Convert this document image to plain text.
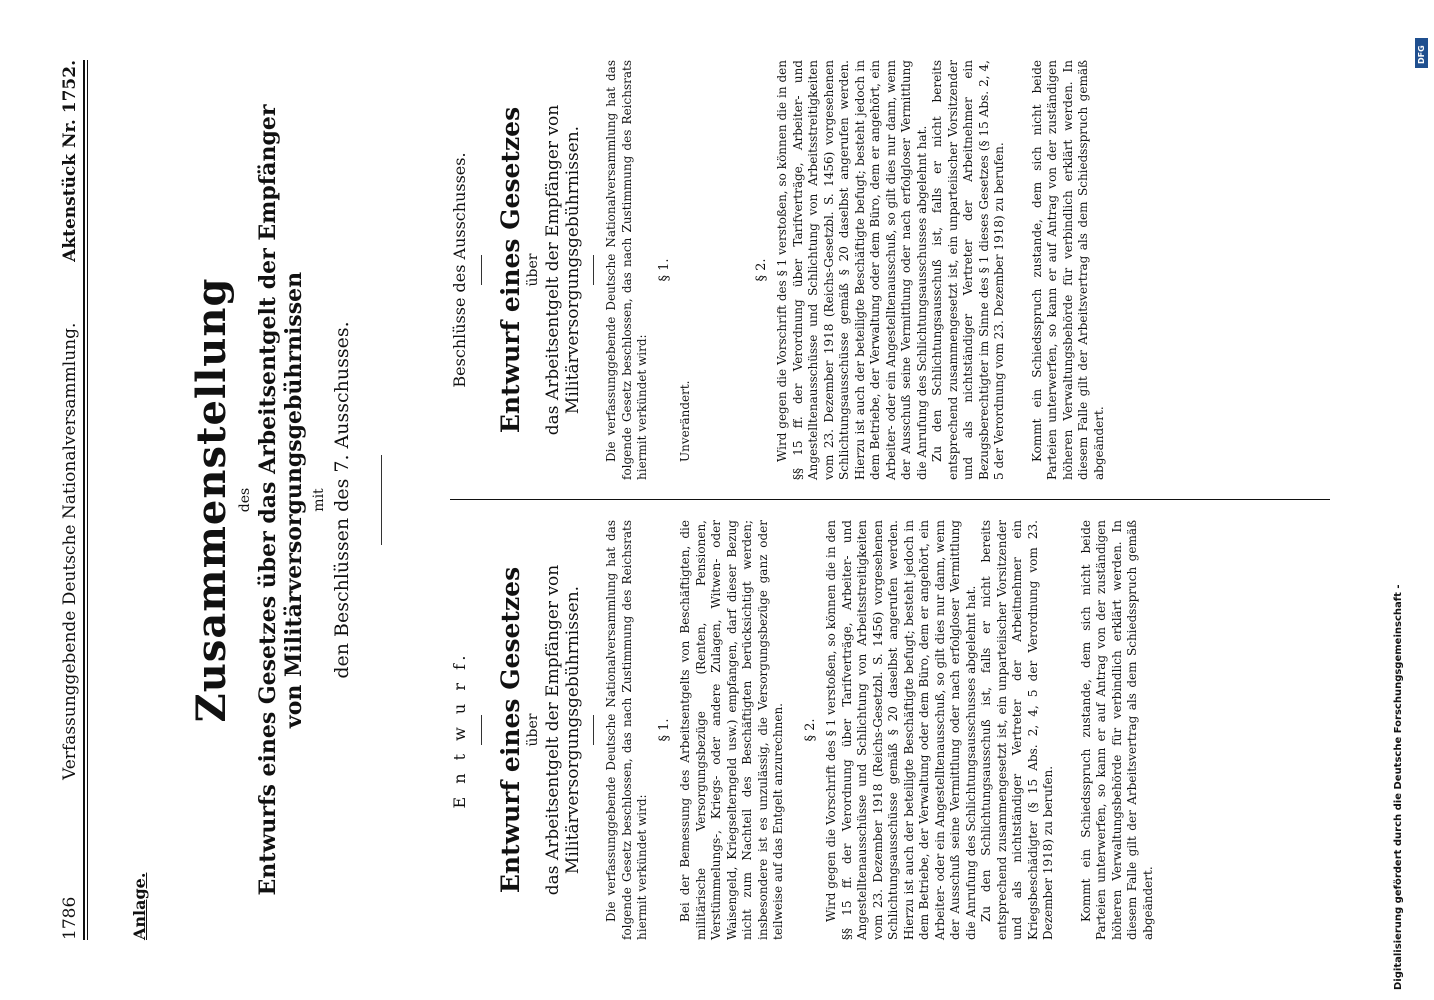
1786
Verfassunggebende Deutsche Nationalversammlung.
Aktenstück Nr. 1752.
Anlage.
Zusammenstellung des Entwurfs eines Gesetzes über das Arbeitsentgelt der Empfänger von Militärversorgungsgebührnissen mit den Beschlüssen des 7. Ausschusses.
E n t w u r f. Entwurf eines Gesetzes über das Arbeitsentgelt der Empfänger von Militärversorgungsgebührnissen. Die verfassunggebende Deutsche Nationalversammlung hat das folgende Gesetz beschlossen, das nach Zustimmung des Reichsrats hiermit verkündet wird:

§ 1. Bei der Bemessung des Arbeitsentgelts von Beschäftigten, die militärische Versorgungsbezüge (Renten, Pensionen, Verstümmelungs-, Kriegs- oder andere Zulagen, Witwen- oder Waisengeld, Kriegselterngeld usw.) empfangen, darf dieser Bezug nicht zum Nachteil des Beschäftigten berücksichtigt werden; insbesondere ist es unzulässig, die Versorgungsbezüge ganz oder teilweise auf das Entgelt anzurechnen. § 2. Wird gegen die Vorschrift des § 1 verstoßen, so können die in den §§ 15 ff. der Verordnung über Tarifverträge, Arbeiter- und Angestelltenausschüsse und Schlichtung von Arbeitsstreitigkeiten vom 23. Dezember 1918 (Reichs-Gesetzbl. S. 1456) vorgesehenen Schlichtungsausschüsse gemäß § 20 daselbst angerufen werden. Hierzu ist auch der beteiligte Beschäftigte befugt; besteht jedoch in dem Betriebe, der Verwaltung oder dem Büro, dem er angehört, ein Arbeiter- oder ein Angestelltenausschuß, so gilt dies nur dann, wenn der Ausschuß seine Vermittlung oder nach erfolgloser Vermittlung die Anrufung des Schlichtungsausschusses abgelehnt hat. Zu den Schlichtungsausschuß ist, falls er nicht bereits entsprechend zusammengesetzt ist, ein unparteiischer Vorsitzender und als nichtständiger Vertreter der Arbeitnehmer ein Kriegsbeschädigter (§ 15 Abs. 2, 4, 5 der Verordnung vom 23. Dezember 1918) zu berufen. Kommt ein Schiedsspruch zustande, dem sich nicht beide Parteien unterwerfen, so kann er auf Antrag von der zuständigen höheren Verwaltungsbehörde für verbindlich erklärt werden. In diesem Falle gilt der Arbeitsvertrag als dem Schiedsspruch gemäß abgeändert.

Beschlüsse des Ausschusses. Entwurf eines Gesetzes über das Arbeitsentgelt der Empfänger von Militärversorgungsgebührnissen. Die verfassunggebende Deutsche Nationalversammlung hat das folgende Gesetz beschlossen, das nach Zustimmung des Reichsrats hiermit verkündet wird:

§ 1.

Unverändert.

§ 2. Wird gegen die Vorschrift des § 1 verstoßen, so können die in den §§ 15 ff. der Verordnung über Tarifverträge, Arbeiter- und Angestelltenausschüsse und Schlichtung von Arbeitsstreitigkeiten vom 23. Dezember 1918 (Reichs-Gesetzbl. S. 1456) vorgesehenen Schlichtungsausschüsse gemäß § 20 daselbst angerufen werden. Hierzu ist auch der beteiligte Beschäftigte befugt; besteht jedoch in dem Betriebe, der Verwaltung oder dem Büro, dem er angehört, ein Arbeiter- oder ein Angestelltenausschuß, so gilt dies nur dann, wenn der Ausschuß seine Vermittlung oder nach erfolgloser Vermittlung die Anrufung des Schlichtungsausschusses abgelehnt hat. Zu den Schlichtungsausschuß ist, falls er nicht bereits entsprechend zusammengesetzt ist, ein unparteiischer Vorsitzender und als nichtständiger Vertreter der Arbeitnehmer ein Bezugsberechtigter im Sinne des § 1 dieses Gesetzes (§ 15 Abs. 2, 4, 5 der Verordnung vom 23. Dezember 1918) zu berufen. Kommt ein Schiedsspruch zustande, dem sich nicht beide Parteien unterwerfen, so kann er auf Antrag von der zuständigen höheren Verwaltungsbehörde für verbindlich erklärt werden. In diesem Falle gilt der Arbeitsvertrag als dem Schiedsspruch gemäß abgeändert.

Digitalisierung gefördert durch die Deutsche Forschungsgemeinschaft -
DFG
